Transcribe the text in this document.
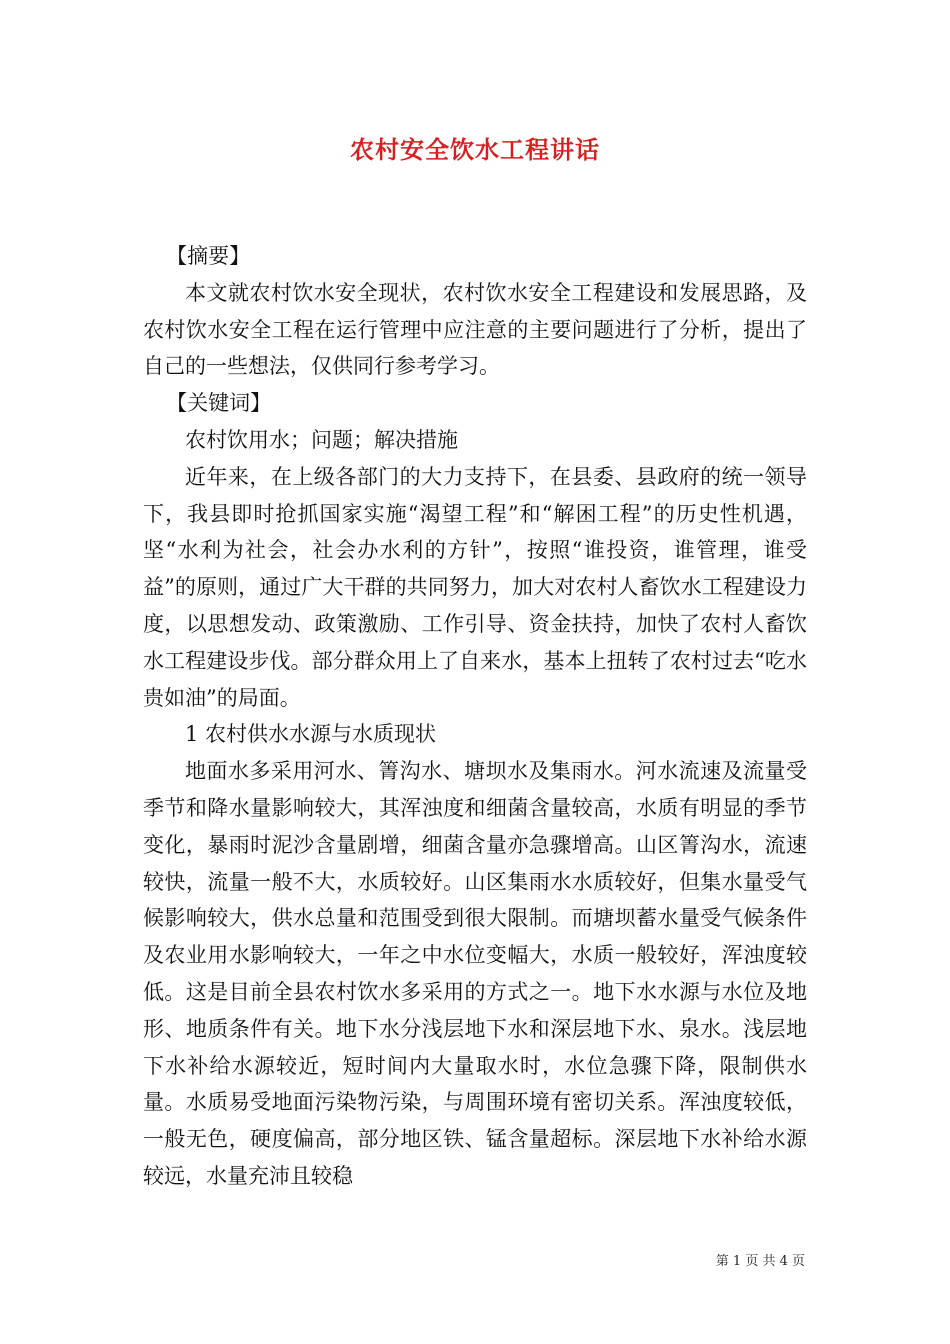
农村安全饮水工程讲话

【摘要】

本文就农村饮水安全现状，农村饮水安全工程建设和发展思路，及农村饮水安全工程在运行管理中应注意的主要问题进行了分析，提出了自己的一些想法，仅供同行参考学习。

【关键词】

农村饮用水；问题；解决措施

近年来，在上级各部门的大力支持下，在县委、县政府的统一领导下，我县即时抢抓国家实施“渴望工程”和“解困工程”的历史性机遇，坚“水利为社会，社会办水利的方针”，按照“谁投资，谁管理，谁受益”的原则，通过广大干群的共同努力，加大对农村人畜饮水工程建设力度，以思想发动、政策激励、工作引导、资金扶持，加快了农村人畜饮水工程建设步伐。部分群众用上了自来水，基本上扭转了农村过去“吃水贵如油”的局面。

1 农村供水水源与水质现状

地面水多采用河水、箐沟水、塘坝水及集雨水。河水流速及流量受季节和降水量影响较大，其浑浊度和细菌含量较高，水质有明显的季节变化，暴雨时泥沙含量剧增，细菌含量亦急骤增高。山区箐沟水，流速较快，流量一般不大，水质较好。山区集雨水水质较好，但集水量受气候影响较大，供水总量和范围受到很大限制。而塘坝蓄水量受气候条件及农业用水影响较大，一年之中水位变幅大，水质一般较好，浑浊度较低。这是目前全县农村饮水多采用的方式之一。地下水水源与水位及地形、地质条件有关。地下水分浅层地下水和深层地下水、泉水。浅层地下水补给水源较近，短时间内大量取水时，水位急骤下降，限制供水量。水质易受地面污染物污染，与周围环境有密切关系。浑浊度较低，一般无色，硬度偏高，部分地区铁、锰含量超标。深层地下水补给水源较远，水量充沛且较稳

第 1 页 共 4 页
